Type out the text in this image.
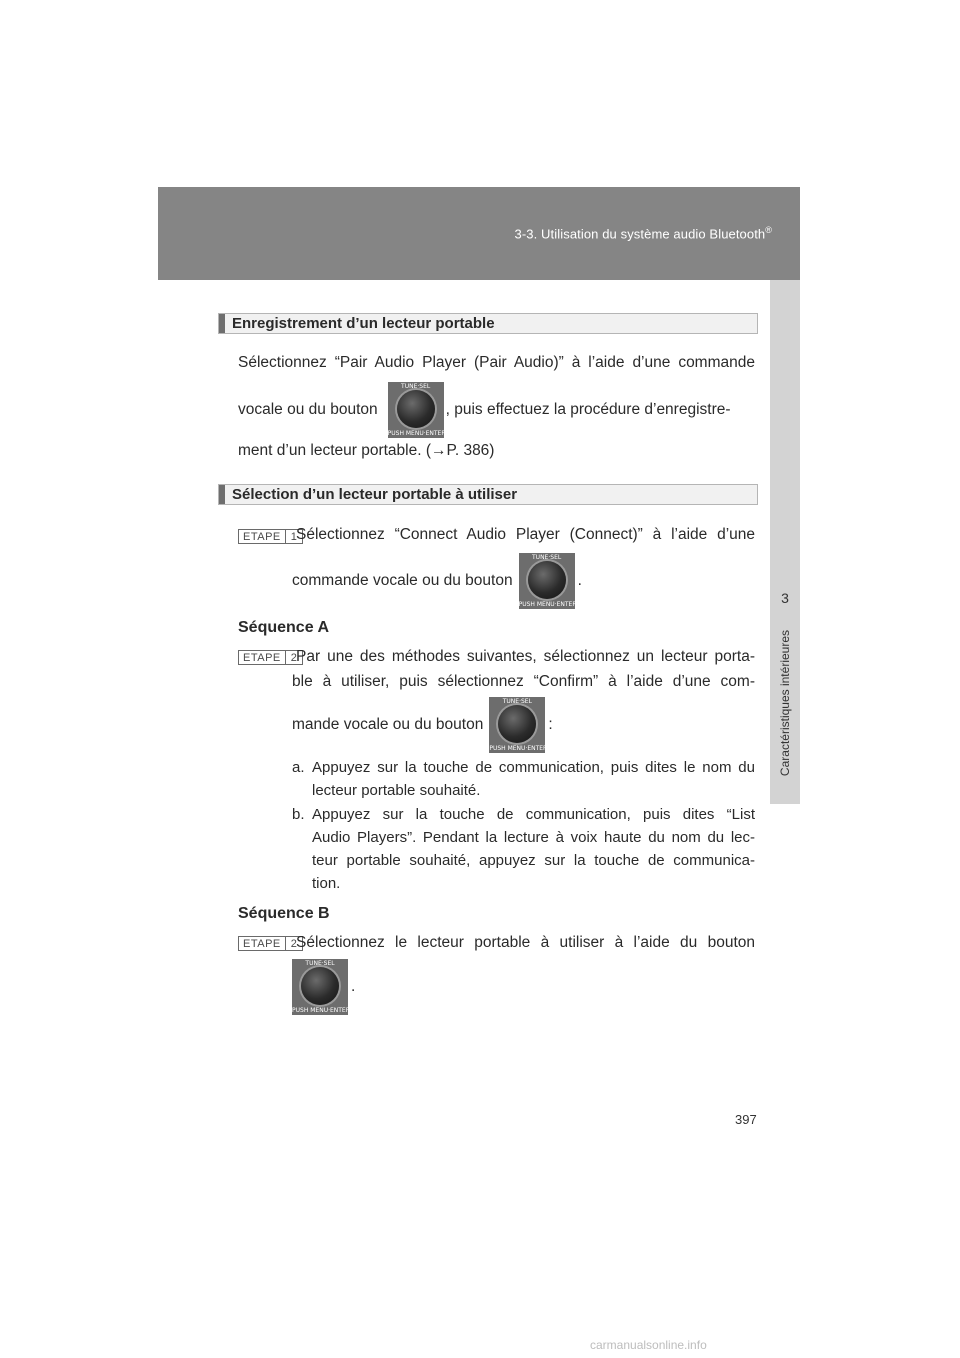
3-3. Utilisation du système audio Bluetooth®
3
Caractéristiques intérieures
Enregistrement d’un lecteur portable
Sélectionnez “Pair Audio Player (Pair Audio)” à l’aide d’une commande
vocale ou du bouton
TUNE·SEL
PUSH MENU·ENTER
, puis effectuez la procédure d’enregistre-
ment d’un lecteur portable. (→P. 386)
Sélection d’un lecteur portable à utiliser
ETAPE 1 Sélectionnez “Connect Audio Player (Connect)” à l’aide d’une
commande vocale ou du bouton
TUNE·SEL
PUSH MENU·ENTER
.
Séquence A
ETAPE 2 Par une des méthodes suivantes, sélectionnez un lecteur porta-
ble à utiliser, puis sélectionnez “Confirm” à l’aide d’une com-
mande vocale ou du bouton
TUNE·SEL
PUSH MENU·ENTER
:
a. Appuyez sur la touche de communication, puis dites le nom du
lecteur portable souhaité.
b. Appuyez sur la touche de communication, puis dites “List
Audio Players”. Pendant la lecture à voix haute du nom du lec-
teur portable souhaité, appuyez sur la touche de communica-
tion.
Séquence B
ETAPE 2 Sélectionnez le lecteur portable à utiliser à l’aide du bouton
TUNE·SEL
PUSH MENU·ENTER
.
397
carmanualsonline.info
